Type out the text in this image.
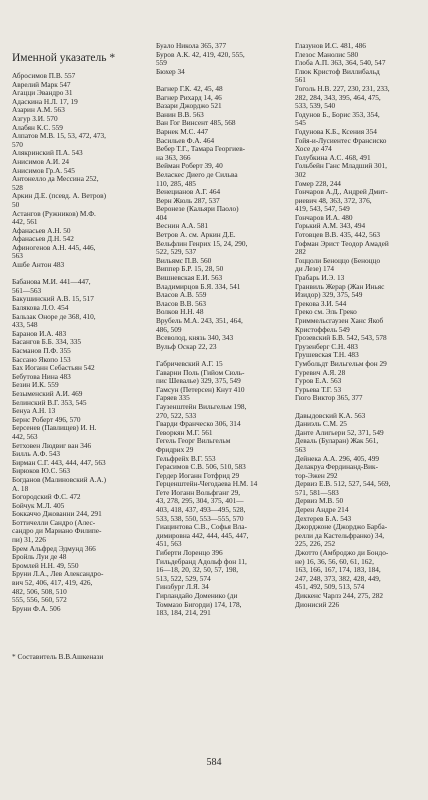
Именной указатель *
Абросимов П.В. 557
Аврелий Марк 547
Агацци Эвандро 31
Адаскина Н.Л. 17, 19
Азарин А.М. 563
Азгур З.И. 570
Алабян К.С. 559
Алпатов М.В. 15, 53, 472, 473,
570
Алякринский П.А. 543
Анисимов А.И. 24
Анисимов Гр.А. 545
Антонелло да Мессина 252,
528
Аркин Д.Е. (псевд. А. Ветров)
50
Астангов (Ружников) М.Ф.
442, 561
Афанасьев А.Н. 50
Афанасьев Д.Н. 542
Афиногенов А.Н. 445, 446,
563
Ашбе Антон 483
Бабанова М.И. 441—447,
561—563
Бакушинский А.В. 15, 517
Балякова Л.О. 454
Бальзак Оноре де 368, 410,
433, 548
Баранов И.А. 483
Басангов Б.Б. 334, 335
Басманов П.Ф. 355
Бассано Якопо 153
Бах Иоганн Себастьян 542
Бебутова Нина 483
Безин И.К. 559
Безыменский А.И. 469
Белинский В.Г. 353, 545
Бенуа А.Н. 13
Бернс Роберт 496, 570
Берсенев (Павлищев) И. Н.
442, 563
Бетховен Людвиг ван 346
Билль А.Ф. 543
Бирман С.Г. 443, 444, 447, 563
Бирюков Ю.С. 563
Богданов (Малиновский А.А.)
А. 18
Богородский Ф.С. 472
Бойчук М.Л. 405
Боккаччо Джованни 244, 291
Боттичелли Сандро (Алес-
сандро ди Мариано Филипе-
пи) 31, 226
Брем Альфред Эдмунд 366
Бройль Луи де 48
Бромлей Н.Н. 49, 550
Бруни Л.А., Лев Александро-
вич 52, 406, 417, 419, 426,
482, 506, 508, 510
555, 556, 560, 572
Бруни Ф.А. 506
Буало Никола 365, 377
Буров А.К. 42, 419, 420, 555,
559
Бюхер 34
Вагнер Г.К. 42, 45, 48
Вагнер Рихард 14, 46
Вазари Джорджо 521
Ванин В.В. 563
Ван Гог Винсент 485, 568
Варнек М.С. 447
Васильев Ф.А. 464
Вебер Т.Г., Тамара Георгиев-
на 363, 366
Вейман Роберт 39, 40
Веласкес Диего де Сильва
110, 285, 485
Венецианов А.Г. 464
Верн Жюль 287, 537
Веронезе (Кальяри Паоло)
404
Веснин А.А. 581
Ветров А. см. Аркин Д.Е.
Вельфлин Генрих 15, 24, 290,
522, 529, 537
Вильямс П.В. 560
Виппер Б.Р. 15, 28, 50
Вишневская Е.И. 563
Владимирцов Б.Я. 334, 541
Власов А.В. 559
Власов В.В. 563
Волков Н.Н. 48
Врубель М.А. 243, 351, 464,
486, 509
Всеволод, князь 340, 343
Вульф Оскар 22, 23
Габричевский А.Г. 15
Гаварни Поль (Гийом Сюль-
пис Шевалье) 329, 375, 549
Гамсун (Петерсен) Кнут 410
Гаряев 335
Гаузенштейн Вильгельм 198,
270, 522, 533
Гварди Франческо 306, 314
Геворкян М.Г. 561
Гегель Георг Вильгельм
Фридрих 29
Гельфрейх В.Г. 553
Герасимов С.В. 506, 510, 583
Гердер Иоганн Готфрид 29
Герценштейн-Чегодаева Н.М. 14
Гете Иоганн Вольфганг 29,
43, 278, 295, 304, 375, 401—
403, 418, 437, 493—495, 528,
533, 538, 550, 553—555, 570
Гиацинтова С.В., Софья Вла-
димировна 442, 444, 445, 447,
451, 563
Гиберти Лоренцо 396
Гильдебранд Адольф фон 11,
16—18, 20, 32, 50, 57, 198,
513, 522, 529, 574
Гинзбург Л.Я. 34
Гирландайо Доменико (ди
Томмазо Бигорди) 174, 178,
183, 184, 214, 291
Глазунов И.С. 481, 486
Глезос Манолис 580
Глоба А.П. 363, 364, 540, 547
Глюк Кристоф Виллибальд
561
Гоголь Н.В. 227, 230, 231, 233,
282, 284, 343, 395, 464, 475,
533, 539, 540
Годунов Б., Борис 353, 354,
545
Годунова К.Б., Ксения 354
Гойя-и-Лусиентес Франсиско
Хосе де 474
Голубкина А.С. 468, 491
Гольбейн Ганс Младший 301,
302
Гомер 228, 244
Гончаров А.Д., Андрей Дмит-
риевич 48, 363, 372, 376,
419, 543, 547, 549
Гончаров И.А. 480
Горький А.М. 343, 494
Готовцев В.В. 435, 442, 563
Гофман Эрист Теодор Амадей
282
Гоццоли Беноццо (Беноццо
ди Лезе) 174
Грабарь И.Э. 13
Гранвиль Жерар (Жан Иньяс
Изидор) 329, 375, 549
Грекова З.И. 544
Греко см. Эль Греко
Гриммельсгаузен Ханс Якоб
Кристоффель 549
Грозевский Б.В. 542, 543, 578
Грузенберг С.Н. 483
Грушевская Т.Н. 483
Гумбольдт Вильгельм фон 29
Гуревич А.Я. 28
Гуров Е.А. 563
Гурьева Т.Г. 53
Гюго Виктор 365, 377
Давыдовский К.А. 563
Даниэль С.М. 25
Данте Алигьери 52, 371, 549
Деваль (Буларан) Жак 561,
563
Дейнека А.А. 296, 405, 499
Делакруа Фердинанд-Вик-
тор-Эжен 292
Дервиз Е.В. 512, 527, 544, 569,
571, 581—583
Дервиз М.В. 50
Дерен Андре 214
Дехтерев Б.А. 543
Джорджоне (Джорджо Барба-
релли да Кастельфранко) 34,
225, 226, 252
Джотто (Амброджо ди Бондо-
не) 16, 36, 56, 60, 61, 162,
163, 166, 167, 174, 183, 184,
247, 248, 373, 382, 428, 449,
451, 492, 509, 513, 574
Диккенс Чарлз 244, 275, 282
Дионисий 226
* Составитель В.В.Ашкенази
584
